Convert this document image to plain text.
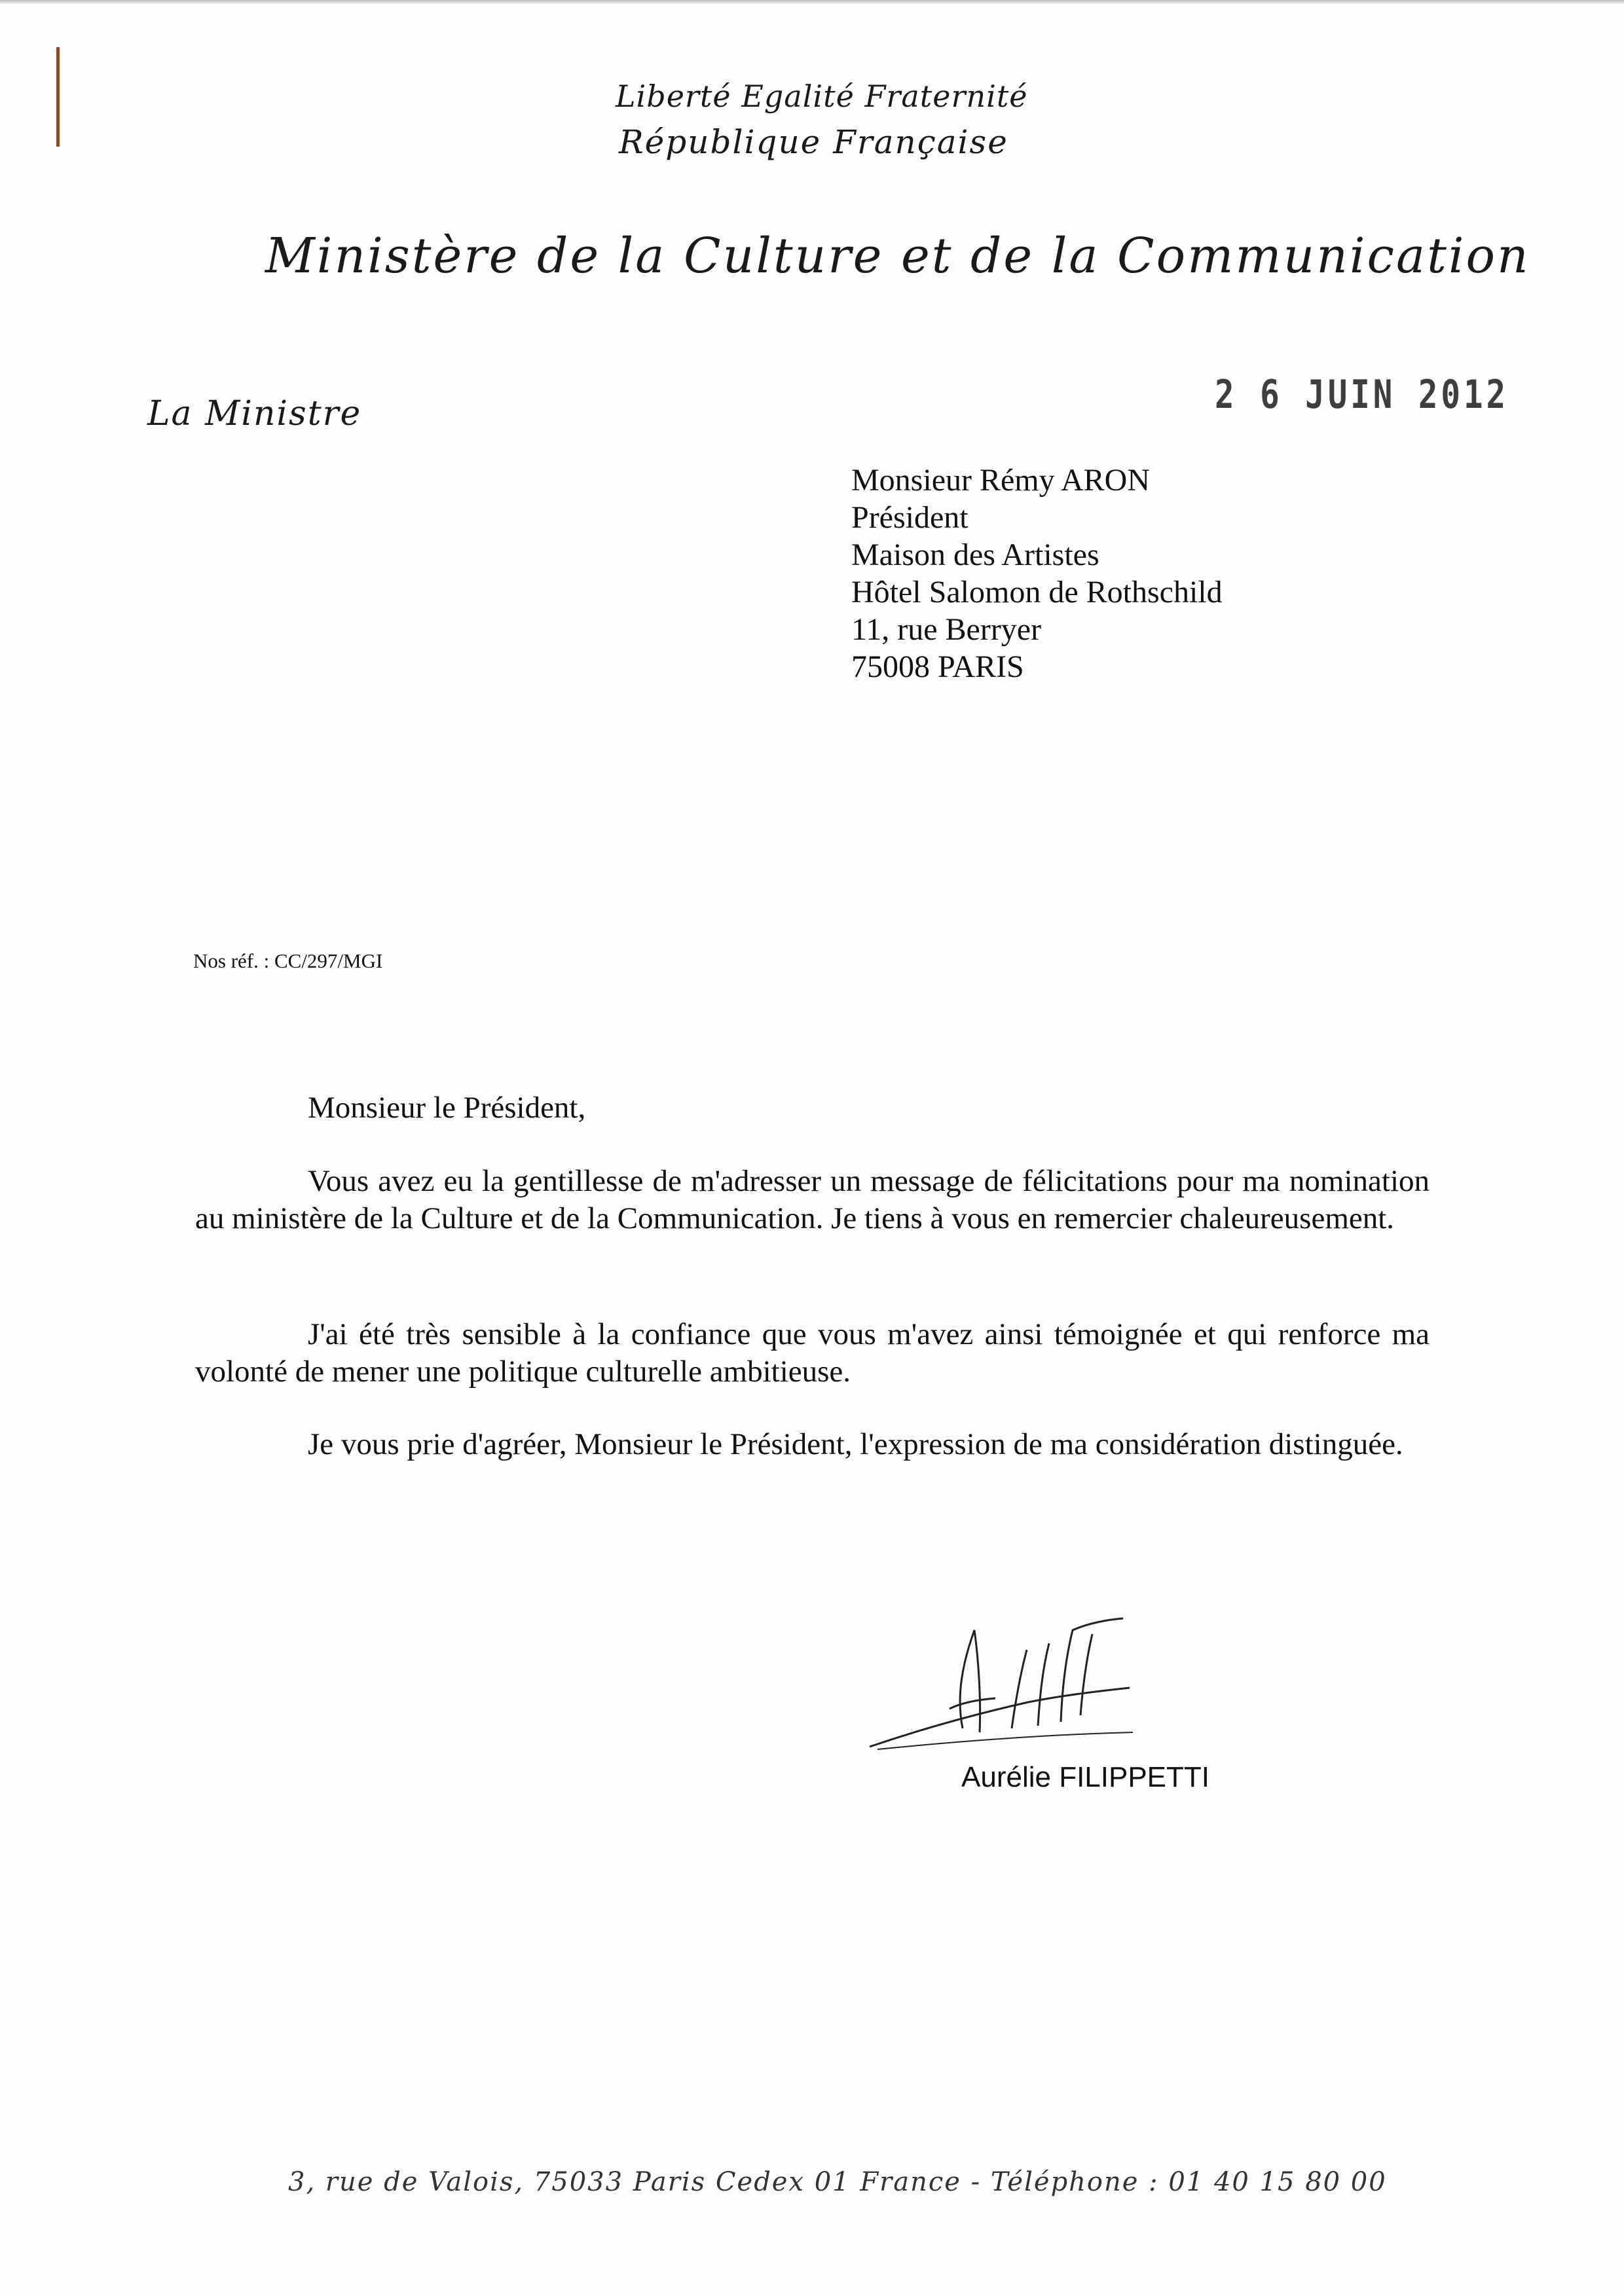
Liberté Egalité Fraternité
République Française
Ministère de la Culture et de la Communication
La Ministre	2 6 JUIN 2012
Monsieur Rémy ARON
Président
Maison des Artistes
Hôtel Salomon de Rothschild
11, rue Berryer
75008 PARIS
Nos réf. : CC/297/MGI
Monsieur le Président,

Vous avez eu la gentillesse de m'adresser un message de félicitations pour ma nomination au ministère de la Culture et de la Communication. Je tiens à vous en remercier chaleureusement.

J'ai été très sensible à la confiance que vous m'avez ainsi témoignée et qui renforce ma volonté de mener une politique culturelle ambitieuse.

Je vous prie d'agréer, Monsieur le Président, l'expression de ma considération distinguée.

Aurélie FILIPPETTI
3, rue de Valois, 75033 Paris Cedex 01 France - Téléphone : 01 40 15 80 00
